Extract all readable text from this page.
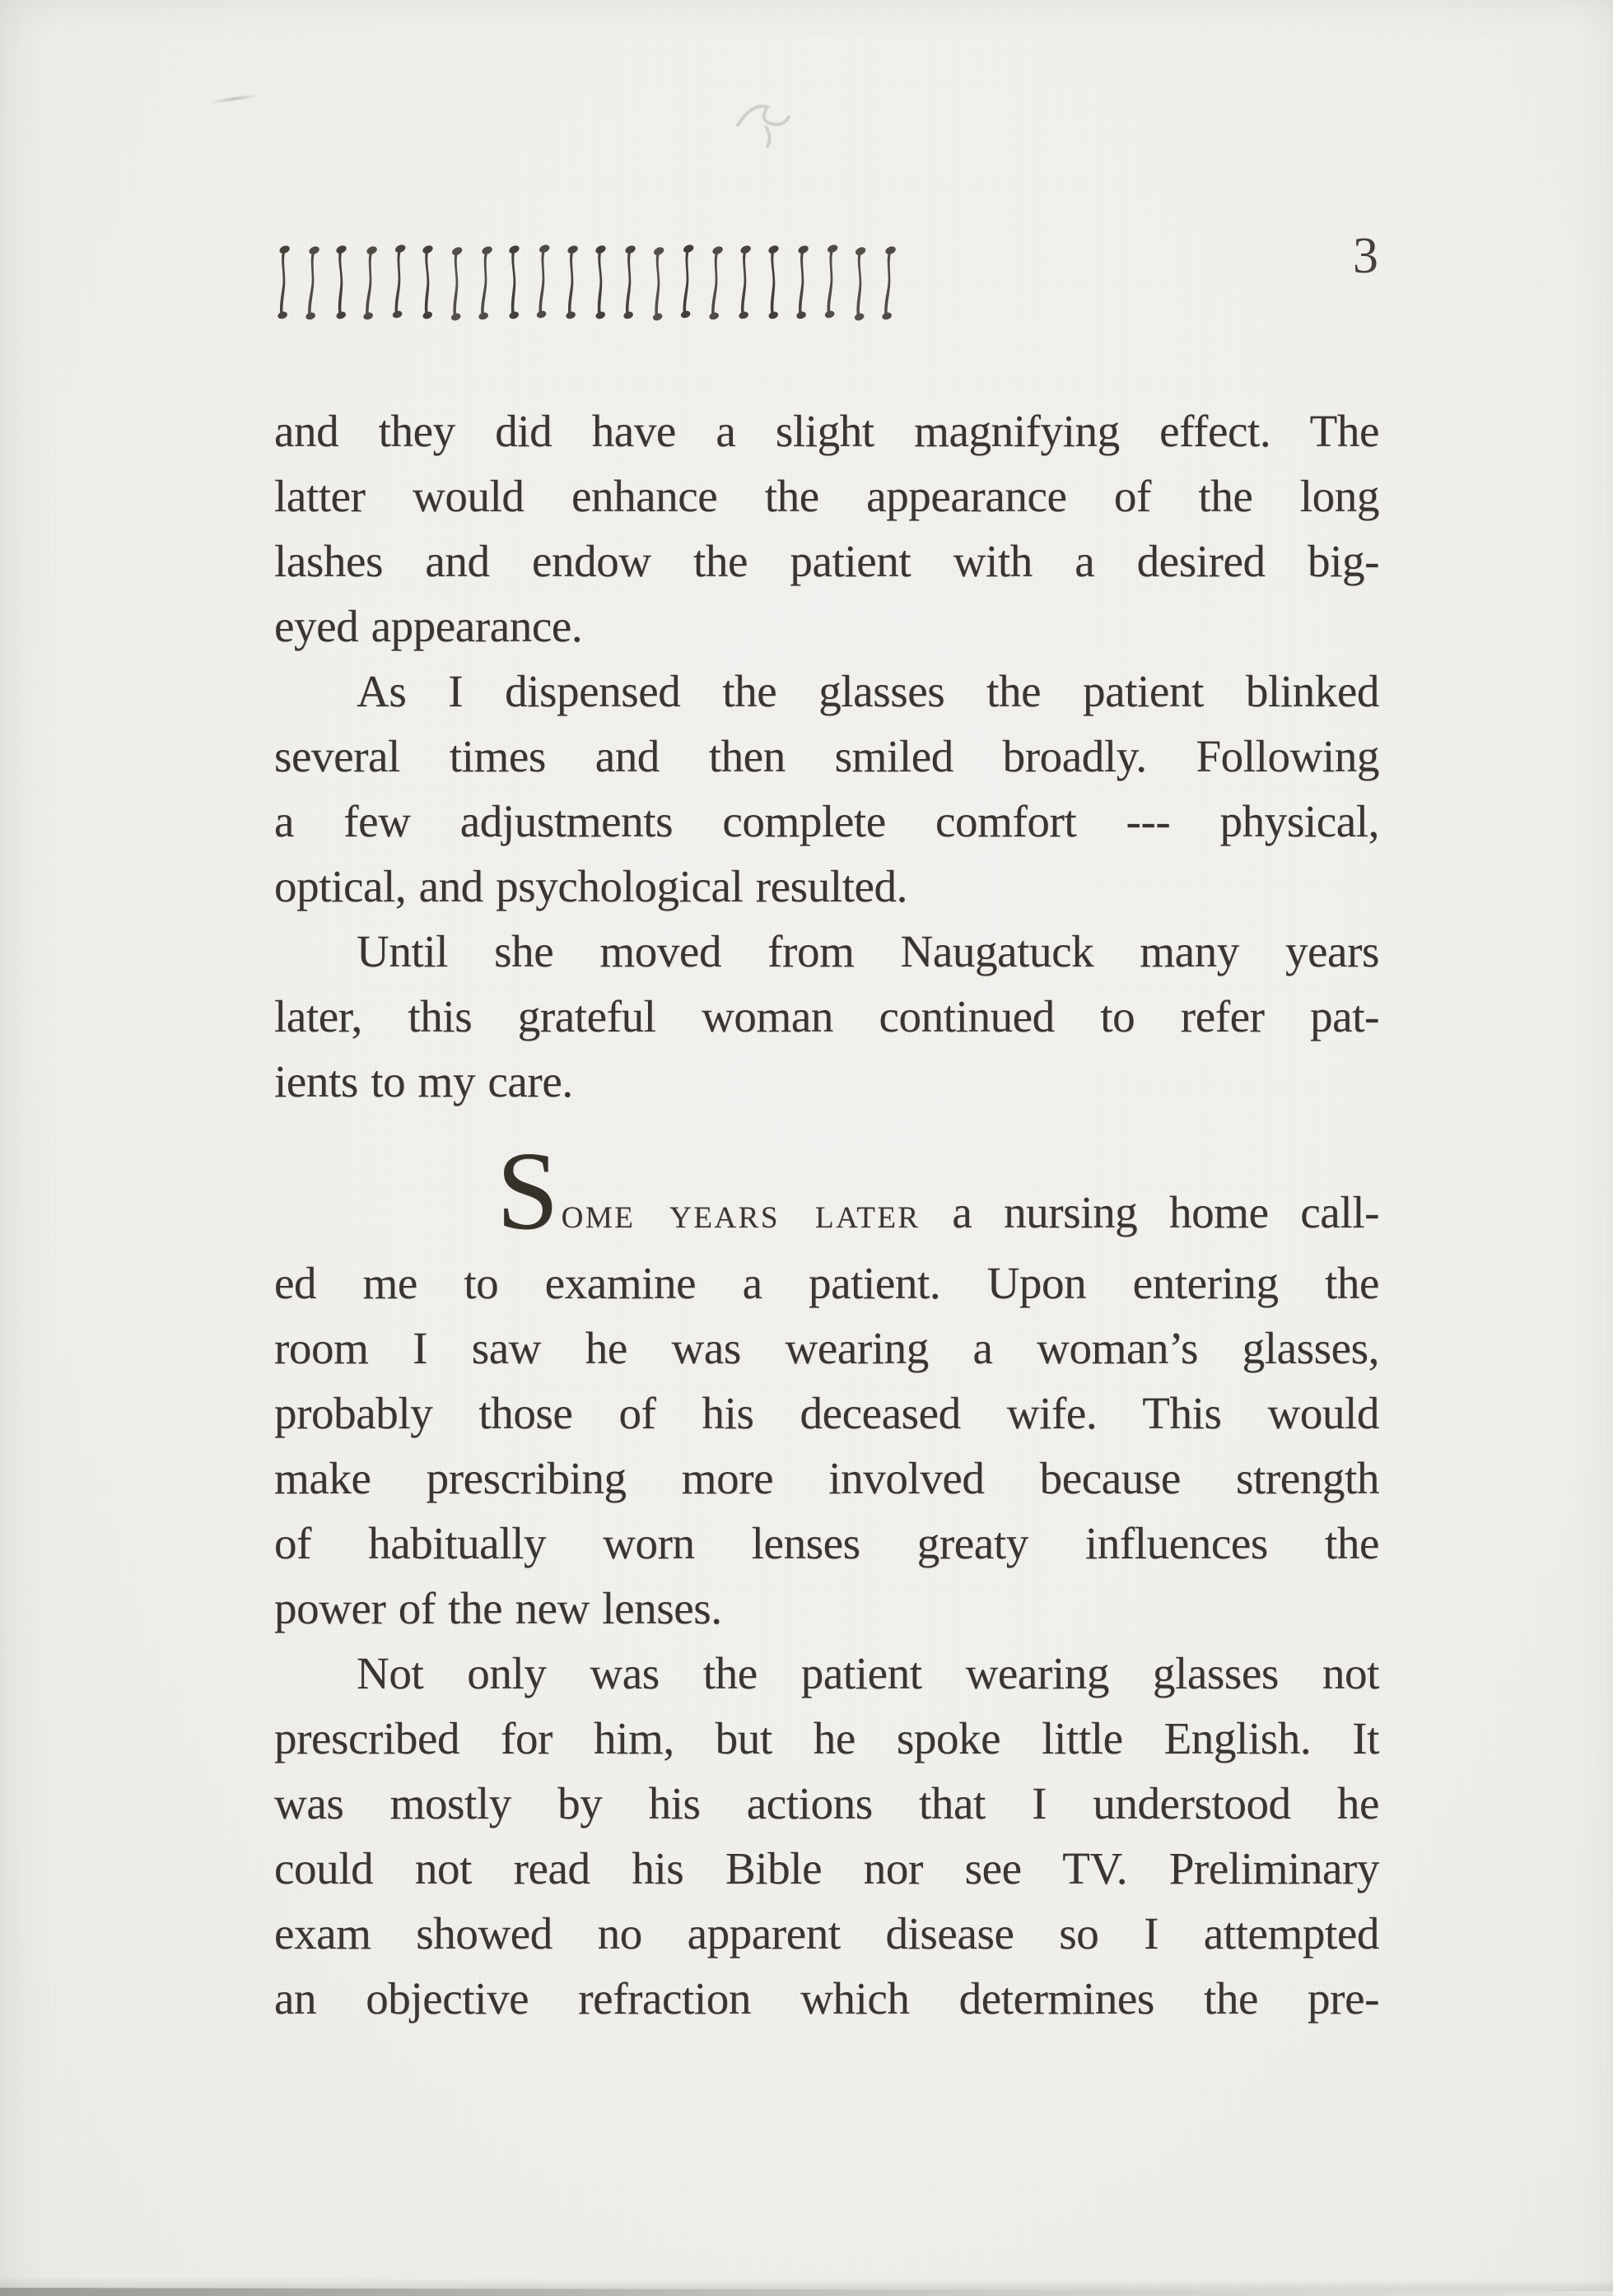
3

and they did have a slight magnifying effect. The
latter would enhance the appearance of the long
lashes and endow the patient with a desired big-
eyed appearance.

As I dispensed the glasses the patient blinked
several times and then smiled broadly. Following
a few adjustments complete comfort --- physical,
optical, and psychological resulted.

Until she moved from Naugatuck many years
later, this grateful woman continued to refer pat-
ients to my care.

SOME YEARS LATER a nursing home call-
ed me to examine a patient. Upon entering the
room I saw he was wearing a woman’s glasses,
probably those of his deceased wife. This would
make prescribing more involved because strength
of habitually worn lenses greaty influences the
power of the new lenses.

Not only was the patient wearing glasses not
prescribed for him, but he spoke little English. It
was mostly by his actions that I understood he
could not read his Bible nor see TV. Preliminary
exam showed no apparent disease so I attempted
an objective refraction which determines the pre-
